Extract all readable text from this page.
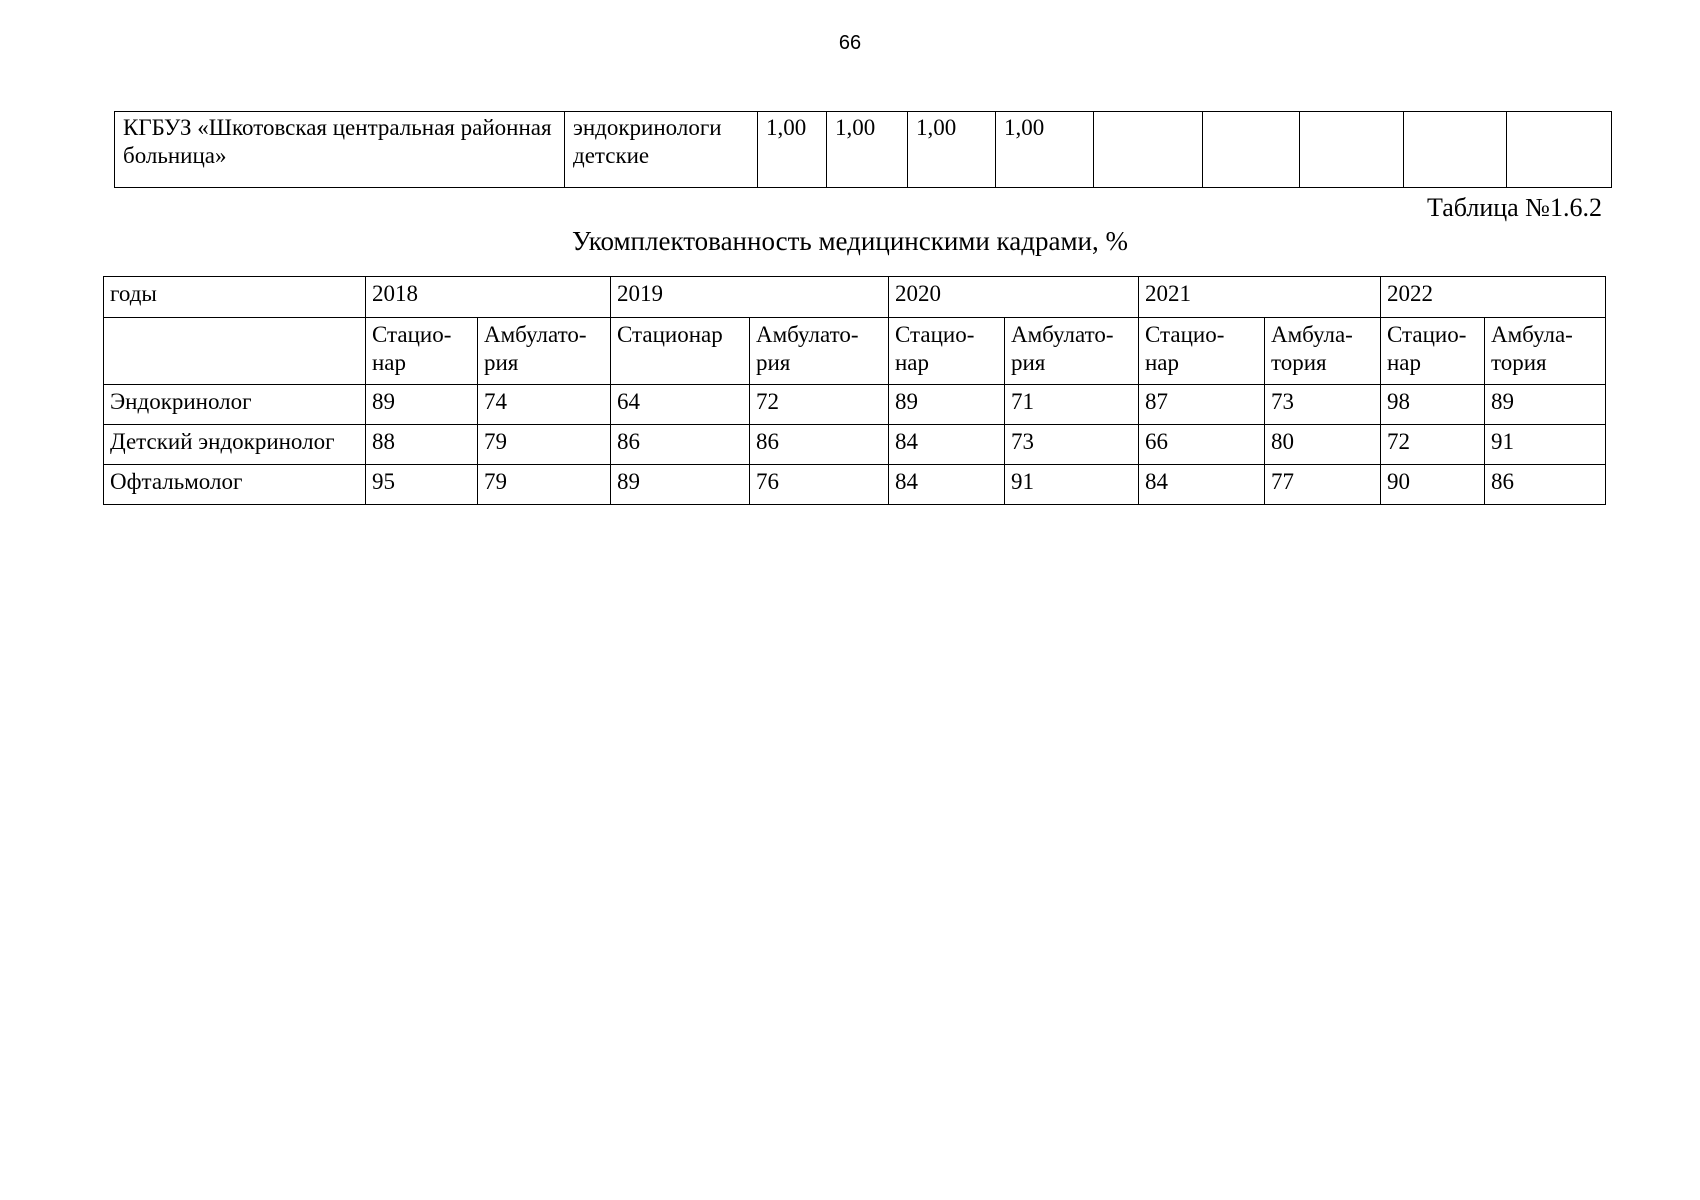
66
КГБУЗ «Шкотовская центральная районная больница»	эндокринологи детские	1,00	1,00	1,00	1,00					
Таблица №1.6.2
Укомплектованность медицинскими кадрами, %
годы	2018		2019		2020		2021		2022	
	Стацио-нар	Амбулато-рия	Стационар	Амбулато-рия	Стацио-нар	Амбулато-рия	Стацио-нар	Амбула-тория	Стацио-нар	Амбула-тория
Эндокринолог	89	74	64	72	89	71	87	73	98	89
Детский эндокринолог	88	79	86	86	84	73	66	80	72	91
Офтальмолог	95	79	89	76	84	91	84	77	90	86
